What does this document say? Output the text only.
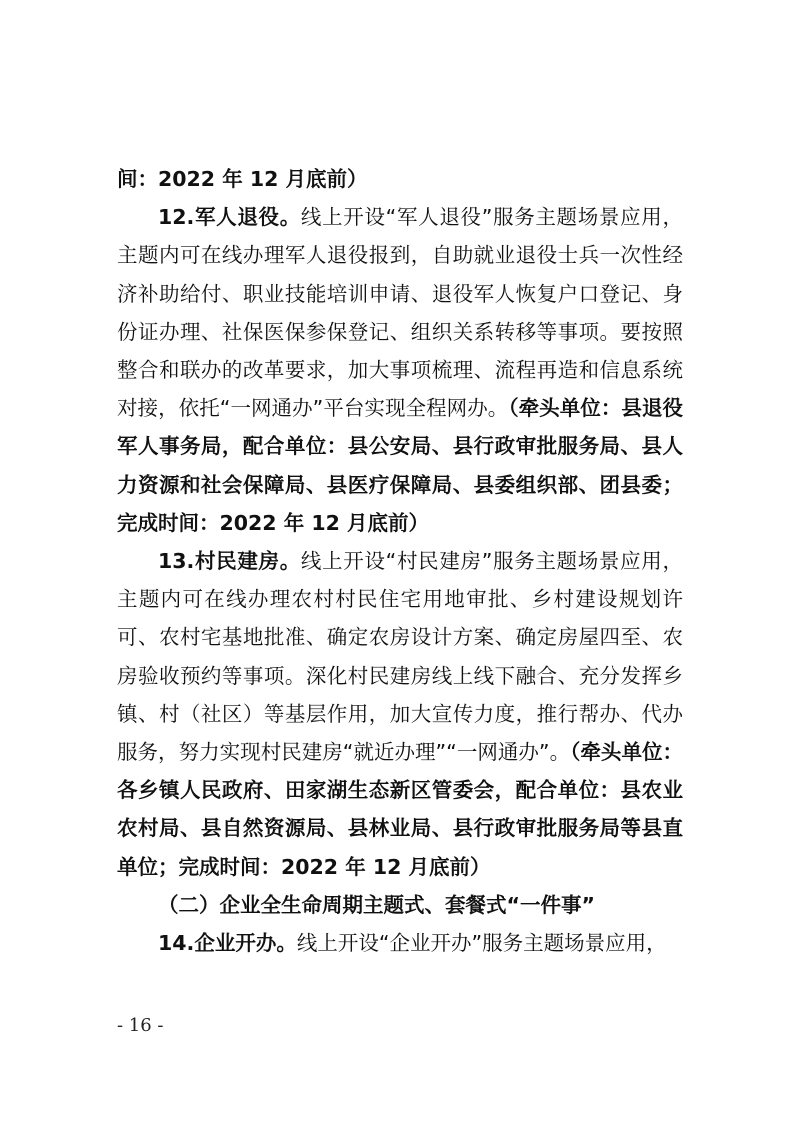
间：2022 年 12 月底前）

12.军人退役。线上开设“军人退役”服务主题场景应用，主题内可在线办理军人退役报到，自助就业退役士兵一次性经济补助给付、职业技能培训申请、退役军人恢复户口登记、身份证办理、社保医保参保登记、组织关系转移等事项。要按照整合和联办的改革要求，加大事项梳理、流程再造和信息系统对接，依托“一网通办”平台实现全程网办。（牵头单位：县退役军人事务局，配合单位：县公安局、县行政审批服务局、县人力资源和社会保障局、县医疗保障局、县委组织部、团县委；完成时间：2022 年 12 月底前）

13.村民建房。线上开设“村民建房”服务主题场景应用，主题内可在线办理农村村民住宅用地审批、乡村建设规划许可、农村宅基地批准、确定农房设计方案、确定房屋四至、农房验收预约等事项。深化村民建房线上线下融合、充分发挥乡镇、村（社区）等基层作用，加大宣传力度，推行帮办、代办服务，努力实现村民建房“就近办理”“一网通办”。（牵头单位：各乡镇人民政府、田家湖生态新区管委会，配合单位：县农业农村局、县自然资源局、县林业局、县行政审批服务局等县直单位；完成时间：2022 年 12 月底前）

（二）企业全生命周期主题式、套餐式“一件事”

14.企业开办。线上开设“企业开办”服务主题场景应用，

- 16 -
